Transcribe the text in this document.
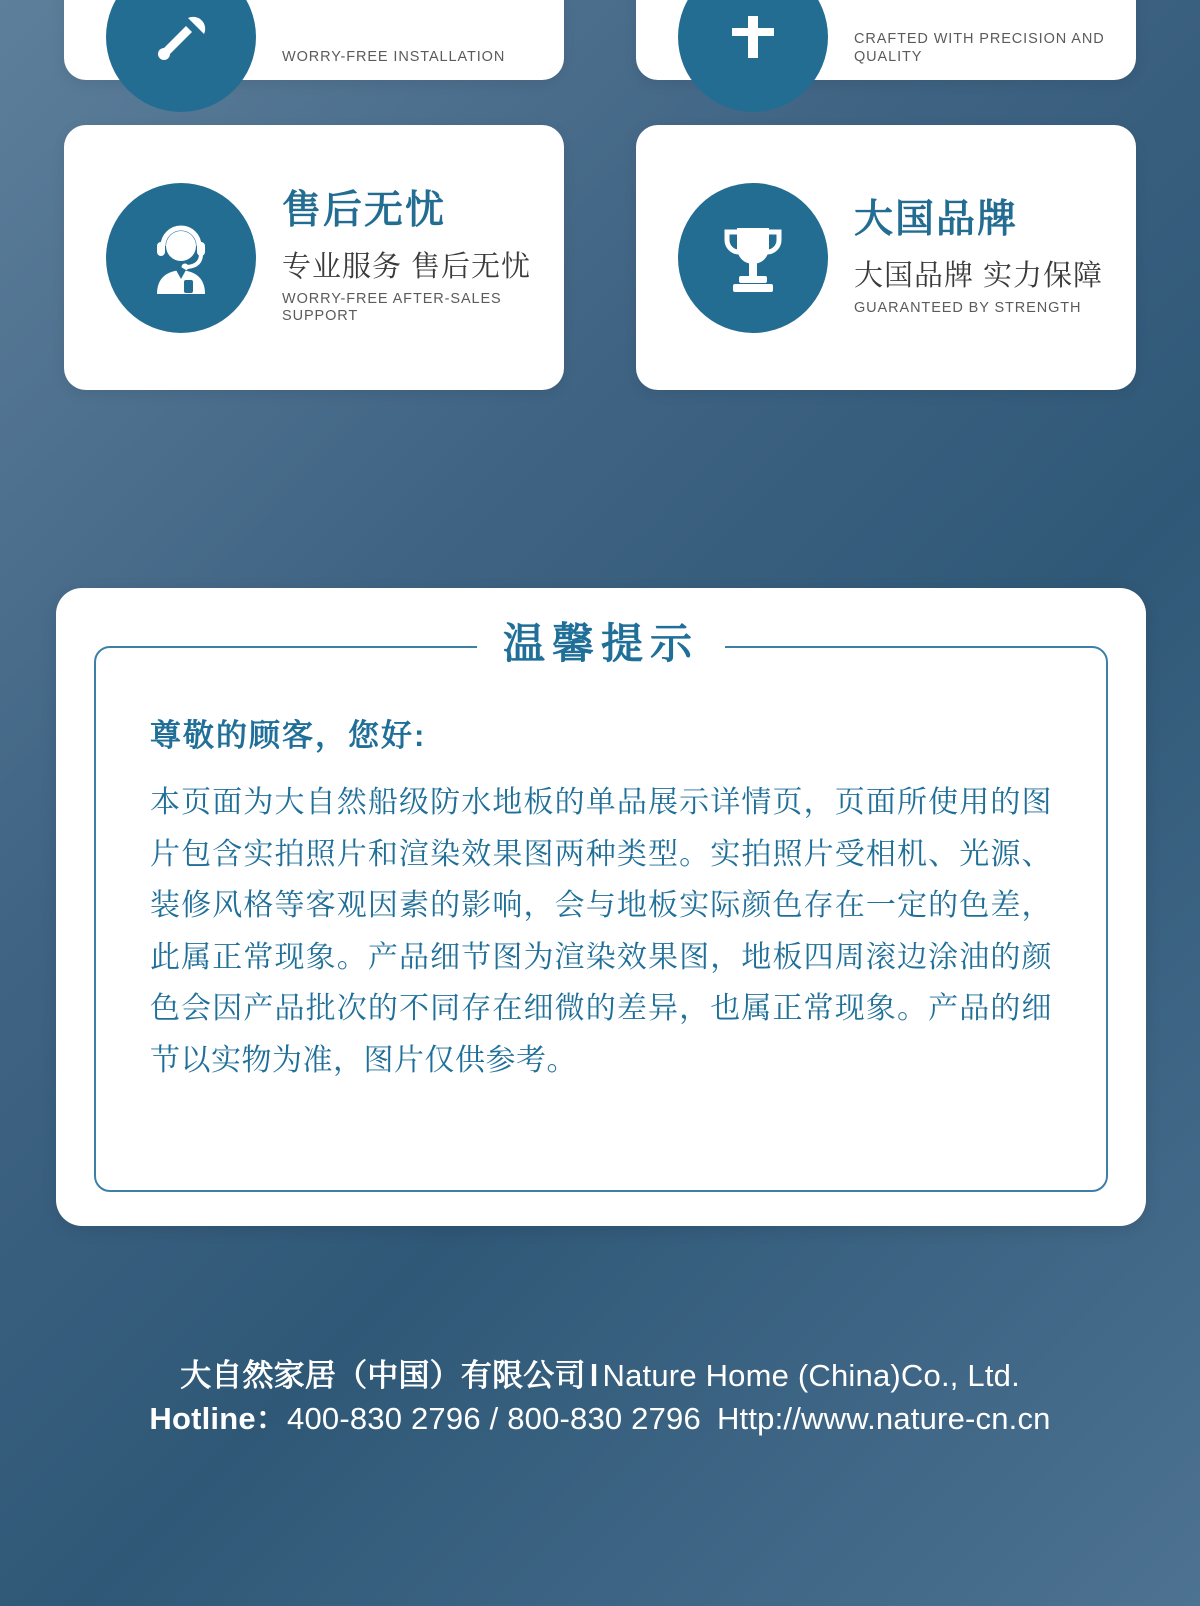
WORRY-FREE INSTALLATION
CRAFTED WITH PRECISION AND QUALITY
售后无忧
专业服务 售后无忧
WORRY-FREE AFTER-SALES SUPPORT
大国品牌
大国品牌 实力保障
GUARANTEED BY STRENGTH
温馨提示
尊敬的顾客，您好:
本页面为大自然船级防水地板的单品展示详情页，页面所使用的图片包含实拍照片和渲染效果图两种类型。实拍照片受相机、光源、装修风格等客观因素的影响，会与地板实际颜色存在一定的色差，此属正常现象。产品细节图为渲染效果图，地板四周滚边涂油的颜色会因产品批次的不同存在细微的差异，也属正常现象。产品的细节以实物为准，图片仅供参考。
大自然家居（中国）有限公司 l Nature Home (China)Co., Ltd.
Hotline：400-830 2796 / 800-830 2796 Http://www.nature-cn.cn
